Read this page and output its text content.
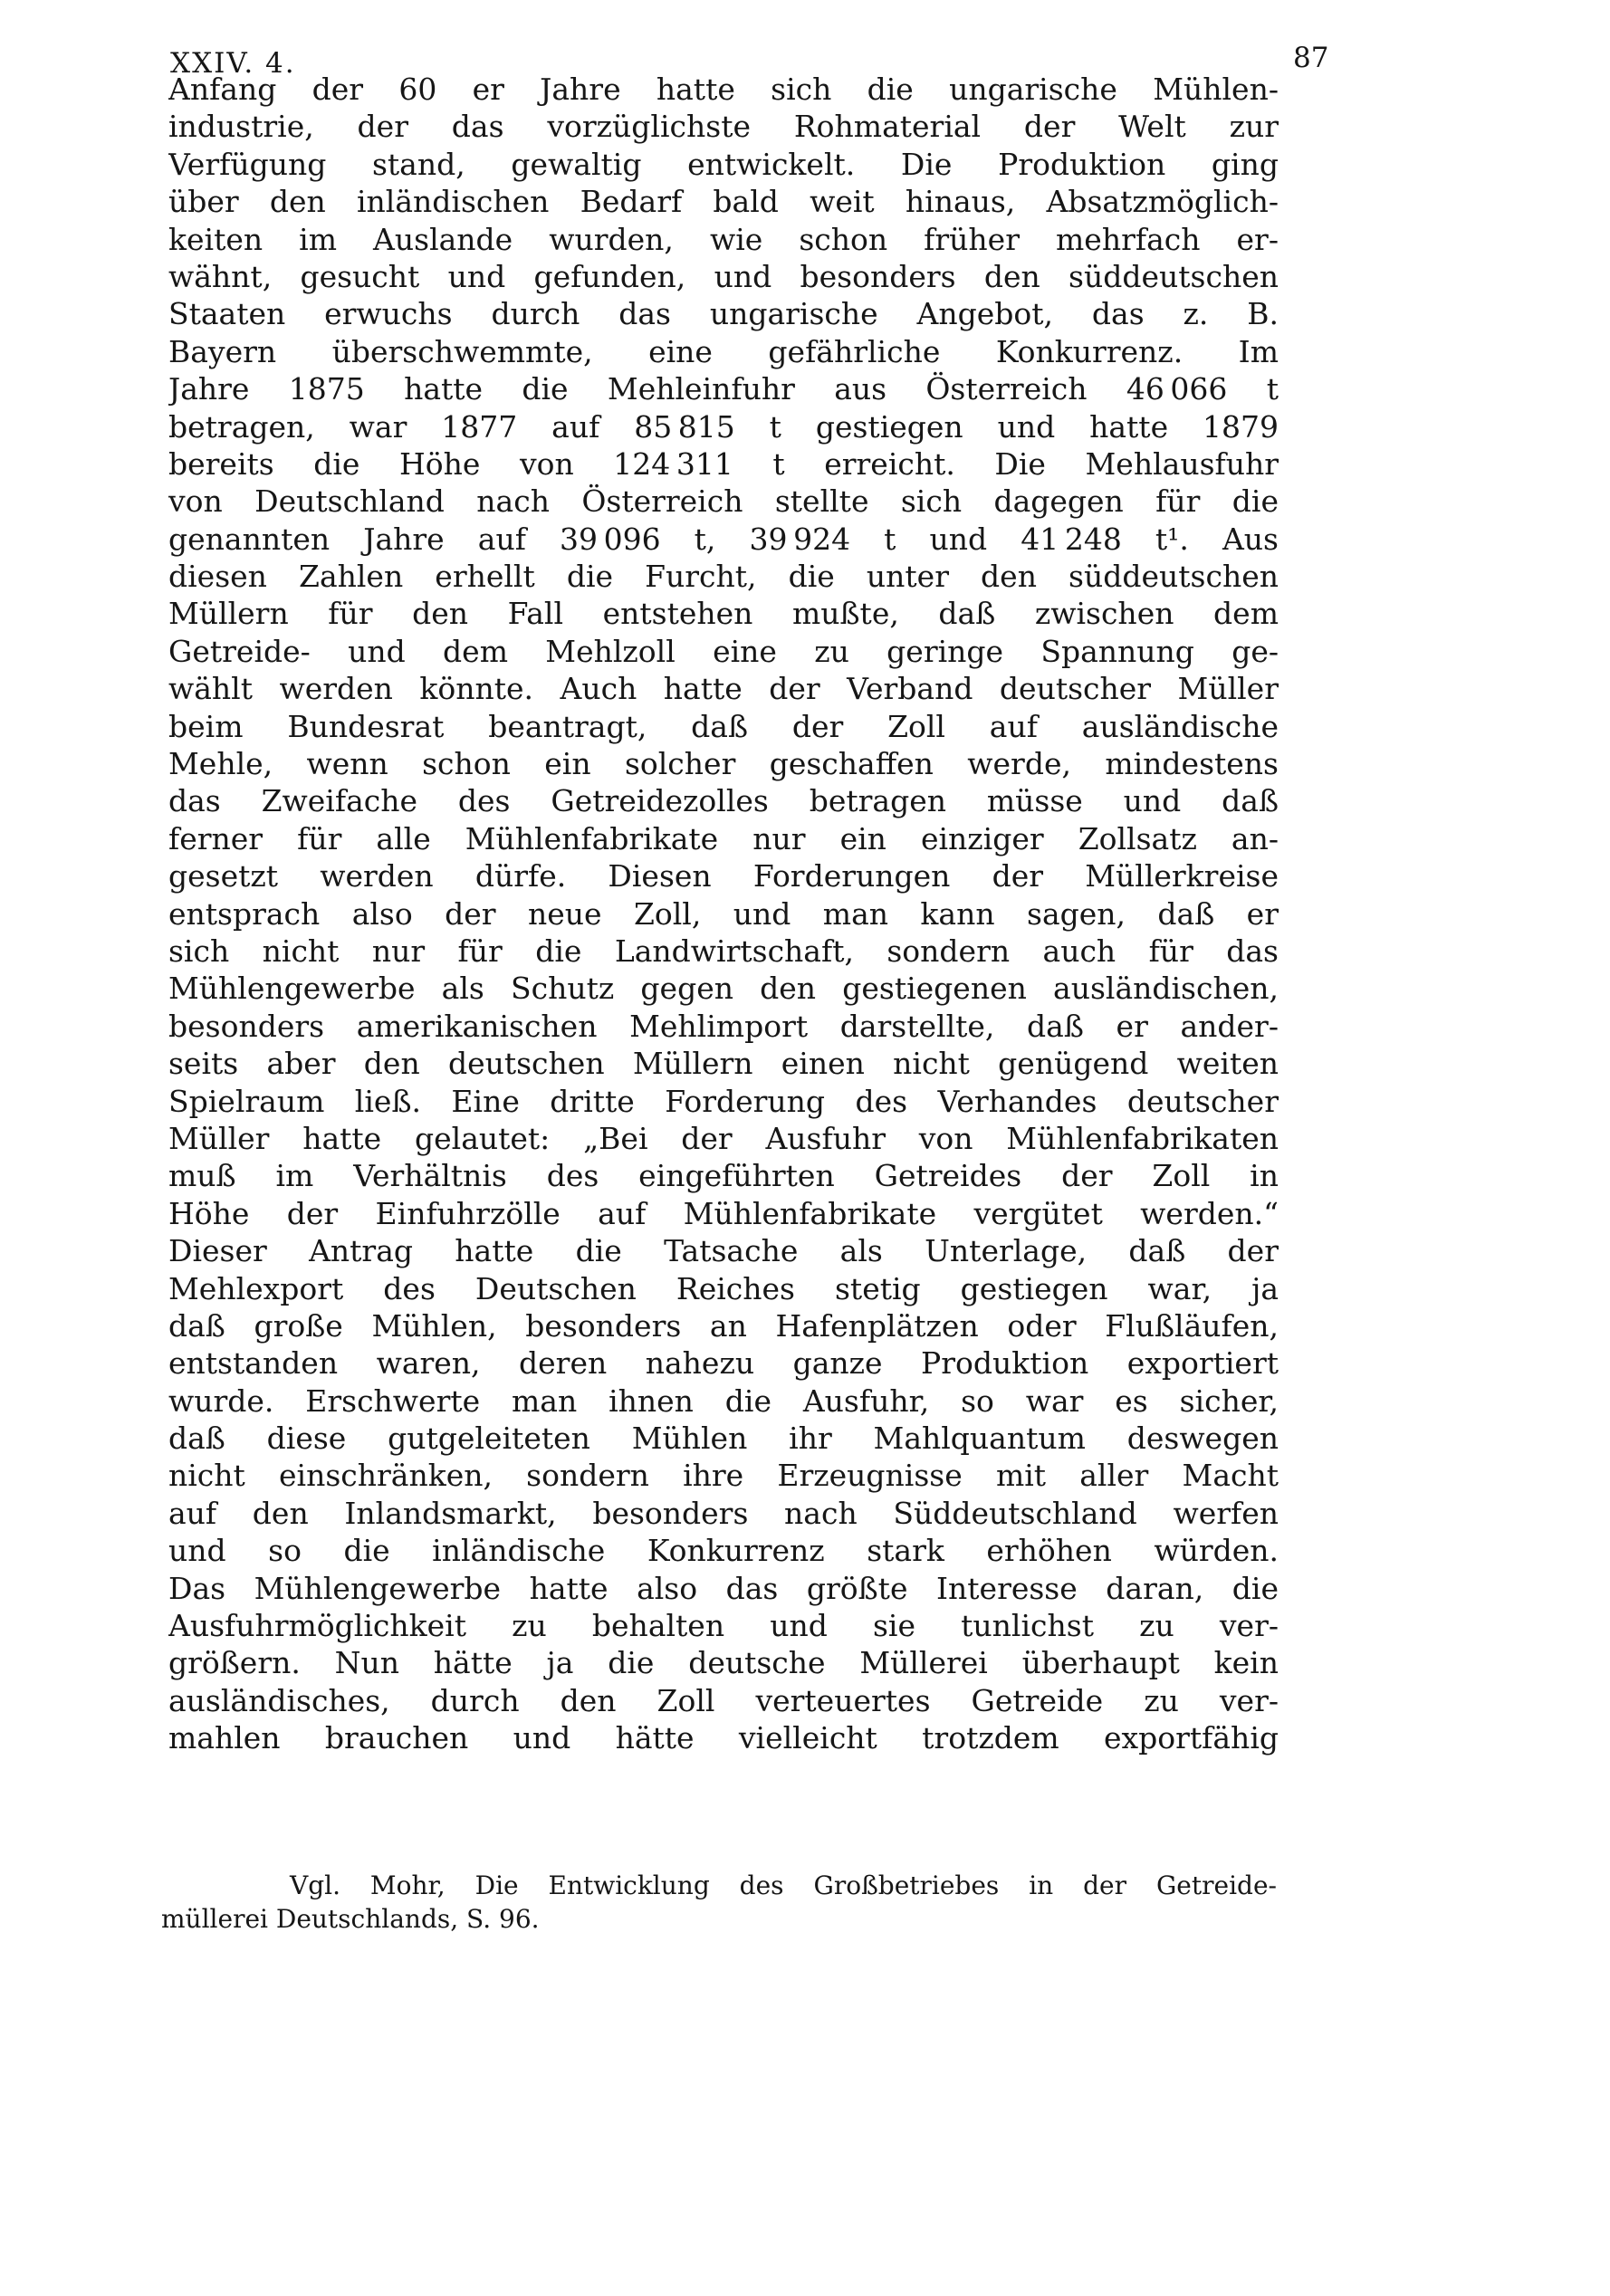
XXIV. 4.	87
Anfang der 60 er Jahre hatte sich die ungarische Mühlen-
industrie, der das vorzüglichste Rohmaterial der Welt zur
Verfügung stand, gewaltig entwickelt. Die Produktion ging
über den inländischen Bedarf bald weit hinaus, Absatzmöglich-
keiten im Auslande wurden, wie schon früher mehrfach er-
wähnt, gesucht und gefunden, und besonders den süddeutschen
Staaten erwuchs durch das ungarische Angebot, das z. B.
Bayern überschwemmte, eine gefährliche Konkurrenz. Im
Jahre 1875 hatte die Mehleinfuhr aus Österreich 46 066 t
betragen, war 1877 auf 85 815 t gestiegen und hatte 1879
bereits die Höhe von 124 311 t erreicht. Die Mehlausfuhr
von Deutschland nach Österreich stellte sich dagegen für die
genannten Jahre auf 39 096 t, 39 924 t und 41 248 t¹. Aus
diesen Zahlen erhellt die Furcht, die unter den süddeutschen
Müllern für den Fall entstehen mußte, daß zwischen dem
Getreide- und dem Mehlzoll eine zu geringe Spannung ge-
wählt werden könnte. Auch hatte der Verband deutscher Müller
beim Bundesrat beantragt, daß der Zoll auf ausländische
Mehle, wenn schon ein solcher geschaffen werde, mindestens
das Zweifache des Getreidezolles betragen müsse und daß
ferner für alle Mühlenfabrikate nur ein einziger Zollsatz an-
gesetzt werden dürfe. Diesen Forderungen der Müllerkreise
entsprach also der neue Zoll, und man kann sagen, daß er
sich nicht nur für die Landwirtschaft, sondern auch für das
Mühlengewerbe als Schutz gegen den gestiegenen ausländischen,
besonders amerikanischen Mehlimport darstellte, daß er ander-
seits aber den deutschen Müllern einen nicht genügend weiten
Spielraum ließ. Eine dritte Forderung des Verhandes deutscher
Müller hatte gelautet: „Bei der Ausfuhr von Mühlenfabrikaten
muß im Verhältnis des eingeführten Getreides der Zoll in
Höhe der Einfuhrzölle auf Mühlenfabrikate vergütet werden.“
Dieser Antrag hatte die Tatsache als Unterlage, daß der
Mehlexport des Deutschen Reiches stetig gestiegen war, ja
daß große Mühlen, besonders an Hafenplätzen oder Flußläufen,
entstanden waren, deren nahezu ganze Produktion exportiert
wurde. Erschwerte man ihnen die Ausfuhr, so war es sicher,
daß diese gutgeleiteten Mühlen ihr Mahlquantum deswegen
nicht einschränken, sondern ihre Erzeugnisse mit aller Macht
auf den Inlandsmarkt, besonders nach Süddeutschland werfen
und so die inländische Konkurrenz stark erhöhen würden.
Das Mühlengewerbe hatte also das größte Interesse daran, die
Ausfuhrmöglichkeit zu behalten und sie tunlichst zu ver-
größern. Nun hätte ja die deutsche Müllerei überhaupt kein
ausländisches, durch den Zoll verteuertes Getreide zu ver-
mahlen brauchen und hätte vielleicht trotzdem exportfähig
Vgl. Mohr, Die Entwicklung des Großbetriebes in der Getreide-
müllerei Deutschlands, S. 96.
